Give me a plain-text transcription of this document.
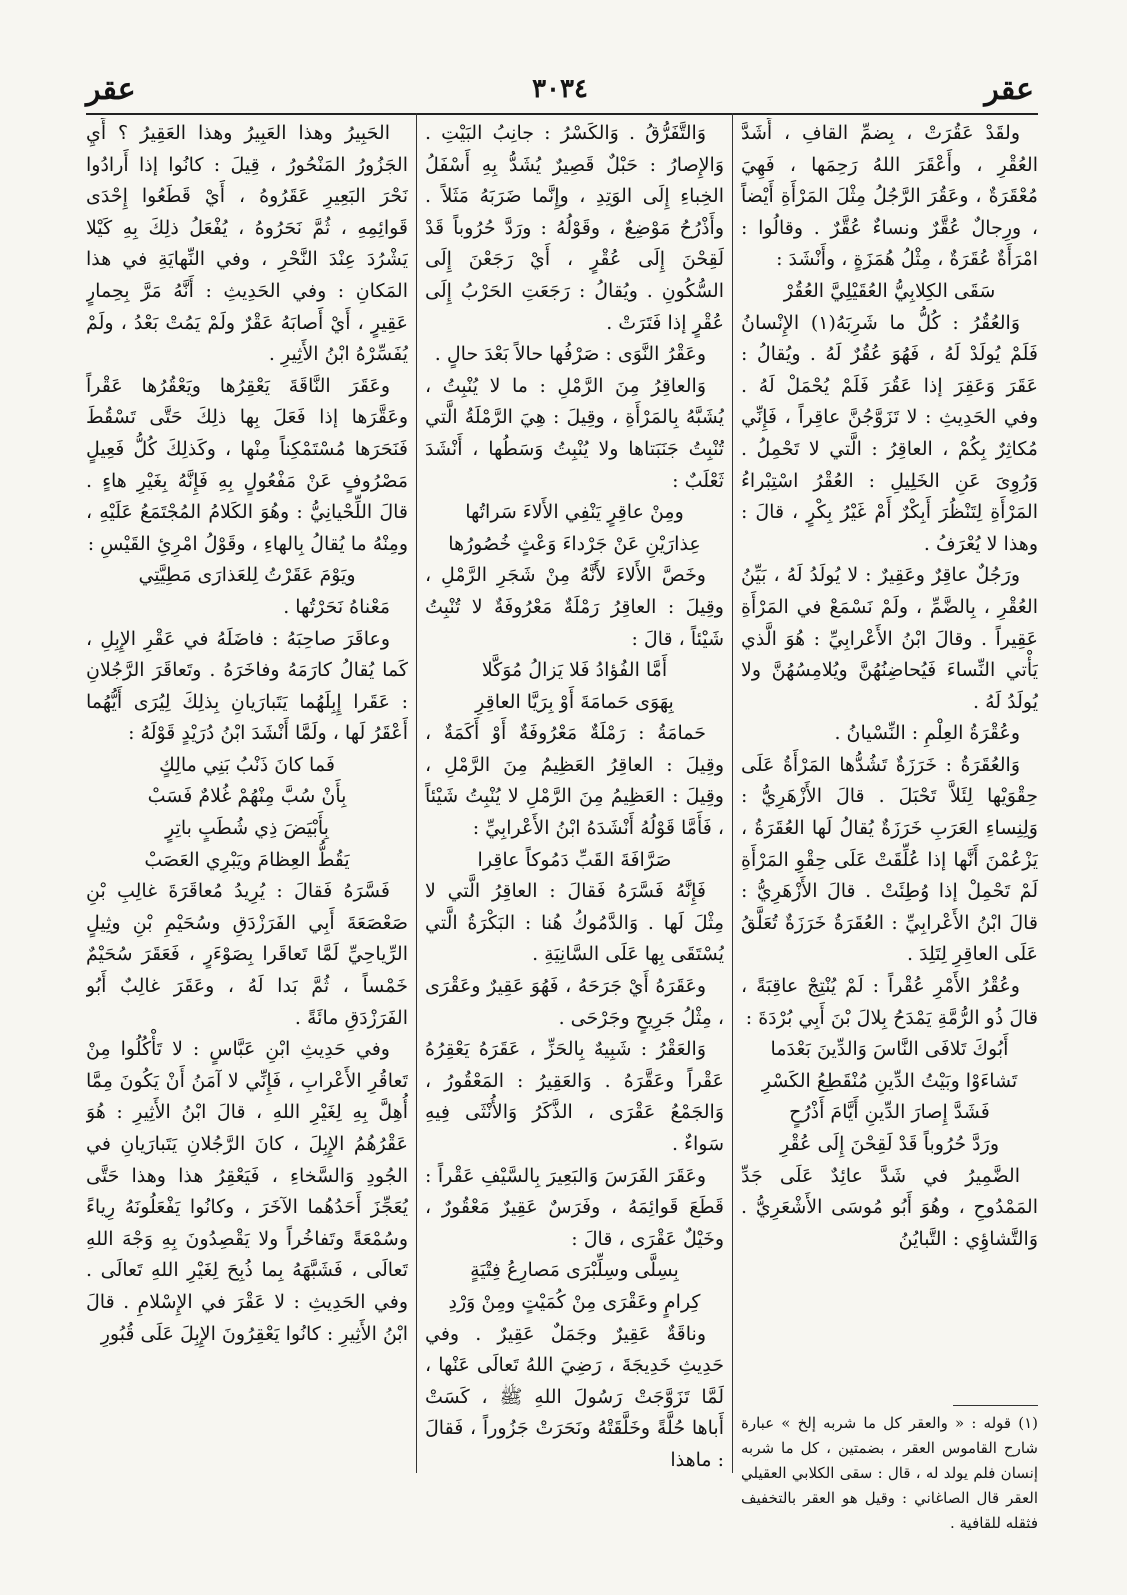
عقر
٣٠٣٤
عقر

ولقَدْ عَقُرَتْ ، بِضمِّ القافِ ، أَشَدَّ العُقْرِ ، وأَعْقَرَ اللهُ رَحِمَها ، فَهِيَ مُعْقَرَةٌ ، وعَقُرَ الرَّجُلُ مِثْلَ المَرْأَةِ أَيْضاً ، ورِجالٌ عُقَّرٌ ونساءٌ عُقَّرٌ . وقالُوا : امْرَأَةٌ عُقَرَةٌ ، مِثْلُ هُمَزَةٍ ، وأَنْشَدَ :

سَقَى الكِلابِيُّ العُقَيْلِيَّ العُقُرْ

وَالعُقُرُ : كُلُّ ما شَرِبَهُ(١) الإِنْسانُ فَلَمْ يُولَدْ لَهُ ، فَهُوَ عُقُرٌ لَهُ . ويُقالُ : عَقَرَ وَعَقِرَ إذا عَقُرَ فَلَمْ يُحْمَلْ لَهُ . وفي الحَدِيثِ : لا تَزَوَّجُنَّ عاقِراً ، فَإِنِّي مُكاثِرٌ بِكُمْ ، العاقِرُ : الَّتي لا تَحْمِلُ . وَرُوِىَ عَنِ الخَلِيلِ : العُقْرُ اسْتِبْراءُ المَرْأَةِ لِتَنْظُرَ أَبِكْرٌ أَمْ غَيْرُ بِكْرٍ ، قالَ : وهذا لا يُعْرَفُ .

ورَجُلٌ عاقِرٌ وعَقِيرٌ : لا يُولَدُ لَهُ ، بَيِّنُ العُقْرِ ، بِالضَّمِّ ، ولَمْ نَسْمَعْ في المَرْأَةِ عَقِيراً . وقالَ ابْنُ الأَعْرابِيِّ : هُوَ الَّذي يَأْتي النِّساءَ فَيُحاضِنُهُنَّ ويُلامِسُهُنَّ ولا يُولَدُ لَهُ .

وعُقْرَةُ العِلْمِ : النِّسْيانُ .

وَالعُقَرَةُ : خَرَزَةٌ تَشُدُّها المَرْأَةُ عَلَى حِقْوَيْها لِئَلاَّ تَحْبَلَ . قالَ الأَزْهَرِيُّ : وَلِنِساءِ العَرَبِ خَرَزَةٌ يُقالُ لَها العُقَرَةُ ، يَزْعُمْنَ أَنَّها إذا عُلِّقَتْ عَلَى حِقْوِ المَرْأَةِ لَمْ تَحْمِلْ إذا وُطِئَتْ . قالَ الأَزْهَرِيُّ : قالَ ابْنُ الأَعْرابِيِّ : العُقَرَةُ خَرَزَةٌ تُعَلَّقُ عَلَى العاقِرِ لِتَلِدَ .

وعُقْرُ الأَمْرِ عُقْراً : لَمْ يُنْتِجْ عاقِبَةً ، قالَ ذُو الرُّمَّةِ يَمْدَحُ بِلالَ بْنَ أَبِي بُرْدَةَ :

أَبُوكَ تَلافَى النَّاسَ وَالدِّينَ بَعْدَما

تَشاءَوْا وبَيْتُ الدِّينِ مُنْقَطِعُ الكَسْرِ

فَشَدَّ إِصارَ الدِّينِ أَيَّامَ أَذْرُحٍ

ورَدَّ حُرُوباً قَدْ لَقِحْنَ إِلَى عُقْرِ

الضَّمِيرُ في شَدَّ عائِدٌ عَلَى جَدِّ المَمْدُوحِ ، وهُوَ أَبُو مُوسَى الأَشْعَرِيُّ . وَالتَّشاؤِي : التَّبايُنُ

وَالتَّفَرُّقُ . وَالكَسْرُ : جانِبُ البَيْتِ . وَالإِصارُ : حَبْلٌ قَصِيرٌ يُشَدُّ بِهِ أَسْفَلُ الخِباءِ إِلَى الوَتِدِ ، وإِنَّما ضَرَبَهُ مَثَلاً . وأَذْرُحُ مَوْضِعٌ ، وقَوْلُهُ : ورَدَّ حُرُوباً قَدْ لَقِحْنَ إِلَى عُقْرٍ ، أَيْ رَجَعْنَ إِلَى السُّكُونِ . ويُقالُ : رَجَعَتِ الحَرْبُ إِلَى عُقْرٍ إذا فَتَرَتْ .

وعَقْرُ النَّوَى : صَرْفُها حالاً بَعْدَ حالٍ .

وَالعاقِرُ مِنَ الرَّمْلِ : ما لا يُنْبِتُ ، يُشَبَّهُ بِالمَرْأَةِ ، وقِيلَ : هِيَ الرَّمْلَةُ الَّتي تُنْبِتُ جَنَبَتاها ولا يُنْبِتُ وَسَطُها ، أَنْشَدَ ثَعْلَبٌ :

ومِنْ عاقِرٍ يَنْفِي الأَلاءَ سَراتُها

عِذارَيْنِ عَنْ جَرْداءَ وَعْثٍ خُصُورُها

وخَصَّ الأَلاءَ لأَنَّهُ مِنْ شَجَرِ الرَّمْلِ ، وقِيلَ : العاقِرُ رَمْلَةٌ مَعْرُوفَةٌ لا تُنْبِتُ شَيْئاً ، قالَ :

أَمَّا الفُؤادُ فَلا يَزالُ مُوَكَّلا

بِهَوَى حَمامَةَ أَوْ بِرَيَّا العاقِرِ

حَمامَةُ : رَمْلَةٌ مَعْرُوفَةٌ أَوْ أَكَمَةٌ ، وقِيلَ : العاقِرُ العَظِيمُ مِنَ الرَّمْلِ ، وقِيلَ : العَظِيمُ مِنَ الرَّمْلِ لا يُنْبِتُ شَيْئاً ، فَأَمَّا قَوْلُهُ أَنْشَدَهُ ابْنُ الأَعْرابِيِّ :

صَرَّافَةَ القَبِّ دَمُوكاً عاقِرا

فَإِنَّهُ فَسَّرَهُ فَقالَ : العاقِرُ الَّتي لا مِثْلَ لَها . وَالدَّمُوكُ هُنا : البَكْرَةُ الَّتي يُسْتَقَى بِها عَلَى السَّانِيَةِ .

وعَقَرَهُ أَيْ جَرَحَهُ ، فَهُوَ عَقِيرٌ وعَقْرَى ، مِثْلُ جَرِيحٍ وجَرْحَى .

وَالعَقْرُ : شَبِيهٌ بِالحَزِّ ، عَقَرَهُ يَعْقِرُهُ عَقْراً وعَقَّرَهُ . وَالعَقِيرُ : المَعْقُورُ ، وَالجَمْعُ عَقْرَى ، الذَّكَرُ وَالأُنْثَى فِيهِ سَواءٌ .

وعَقَرَ الفَرَسَ وَالبَعِيرَ بِالسَّيْفِ عَقْراً : قَطَعَ قَوائِمَهُ ، وفَرَسٌ عَقِيرٌ مَعْقُورٌ ، وخَيْلٌ عَقْرَى ، قالَ :

بِسِلَّى وسِلِّبْرَى مَصارِعُ فِتْيَةٍ

كِرامٍ وعَقْرَى مِنْ كُمَيْتٍ ومِنْ وَرْدِ

وناقَةٌ عَقِيرٌ وجَمَلٌ عَقِيرٌ . وفي حَدِيثِ خَدِيجَةَ ، رَضِيَ اللهُ تَعالَى عَنْها ، لَمَّا تَزَوَّجَتْ رَسُولَ اللهِ ﷺ ، كَسَتْ أَباها حُلَّةً وخَلَّقَتْهُ ونَحَرَتْ جَزُوراً ، فَقالَ : ماهذا

الحَبِيرُ وهذا العَبِيرُ وهذا العَقِيرُ ؟ أَيِ الجَزُورُ المَنْحُورُ ، قِيلَ : كانُوا إذا أَرادُوا نَحْرَ البَعِيرِ عَقَرُوهُ ، أَيْ قَطَعُوا إِحْدَى قَوائِمِهِ ، ثُمَّ نَحَرُوهُ ، يُفْعَلُ ذلِكَ بِهِ كَيْلا يَشْرُدَ عِنْدَ النَّحْرِ ، وفي النِّهايَةِ في هذا المَكانِ : وفي الحَدِيثِ : أَنَّهُ مَرَّ بِحِمارٍ عَقِيرٍ ، أَيْ أَصابَهُ عَقْرٌ ولَمْ يَمُتْ بَعْدُ ، ولَمْ يُفَسِّرْهُ ابْنُ الأَثِيرِ .

وعَقَرَ النَّاقَةَ يَعْقِرُها ويَعْقُرُها عَقْراً وعَقَّرَها إذا فَعَلَ بِها ذلِكَ حَتَّى تَسْقُطَ فَنَحَرَها مُسْتَمْكِناً مِنْها ، وكَذلِكَ كُلُّ فَعِيلٍ مَصْرُوفٍ عَنْ مَفْعُولٍ بِهِ فَإِنَّهُ بِغَيْرِ هاءٍ . قالَ اللِّحْيانِيُّ : وهُوَ الكَلامُ المُجْتَمَعُ عَلَيْهِ ، ومِنْهُ ما يُقالُ بِالهاءِ ، وقَوْلُ امْرِئِ القَيْسِ :

ويَوْمَ عَقَرْتُ لِلعَذارَى مَطِيَّتِي

مَعْناهُ نَحَرْتُها .

وعاقَرَ صاحِبَهُ : فاضَلَهُ في عَقْرِ الإِبِلِ ، كَما يُقالُ كارَمَهُ وفاخَرَهُ . وتَعاقَرَ الرَّجُلانِ : عَقَرا إِبِلَهُما يَتَبارَيانِ بِذلِكَ لِيُرَى أَيُّهُما أَعْقَرُ لَها ، ولَمَّا أَنْشَدَ ابْنُ دُرَيْدٍ قَوْلَهُ :

فَما كانَ ذَنْبُ بَنِي مالِكٍ

بِأَنْ سُبَّ مِنْهُمْ غُلامٌ فَسَبْ

بِأَبْيَضَ ذِي شُطَبٍ باتِرٍ

يَقُطُّ العِظامَ ويَبْرِي العَصَبْ

فَسَّرَهُ فَقالَ : يُرِيدُ مُعاقَرَةَ غالِبِ بْنِ صَعْصَعَةَ أَبِي الفَرَزْدَقِ وسُحَيْمِ بْنِ وثِيلٍ الرِّياحِيِّ لَمَّا تَعاقَرا بِصَوْءَرٍ ، فَعَقَرَ سُحَيْمٌ خَمْساً ، ثُمَّ بَدا لَهُ ، وعَقَرَ غالِبٌ أَبُو الفَرَزْدَقِ مائَةً .

وفي حَدِيثِ ابْنِ عَبَّاسٍ : لا تَأْكُلُوا مِنْ تَعاقُرِ الأَعْرابِ ، فَإِنِّي لا آمَنُ أَنْ يَكُونَ مِمَّا أُهِلَّ بِهِ لِغَيْرِ اللهِ ، قالَ ابْنُ الأَثِيرِ : هُوَ عَقْرُهُمُ الإِبِلَ ، كانَ الرَّجُلانِ يَتَبارَيانِ في الجُودِ وَالسَّخاءِ ، فَيَعْقِرُ هذا وهذا حَتَّى يُعَجِّزَ أَحَدُهُما الآخَرَ ، وكانُوا يَفْعَلُونَهُ رِياءً وسُمْعَةً وتَفاخُراً ولا يَقْصِدُونَ بِهِ وَجْهَ اللهِ تَعالَى ، فَشَبَّهَهُ بِما ذُبِحَ لِغَيْرِ اللهِ تَعالَى . وفي الحَدِيثِ : لا عَقْرَ في الإِسْلامِ . قالَ ابْنُ الأَثِيرِ : كانُوا يَعْقِرُونَ الإِبِلَ عَلَى قُبُورِ

(١) قوله : « والعقر كل ما شربه إلخ » عبارة شارح القاموس العقر ، بضمتين ، كل ما شربه إنسان فلم يولد له ، قال : سقى الكلابي العقيلي العقر قال الصاغاني : وقيل هو العقر بالتخفيف فثقله للقافية .
